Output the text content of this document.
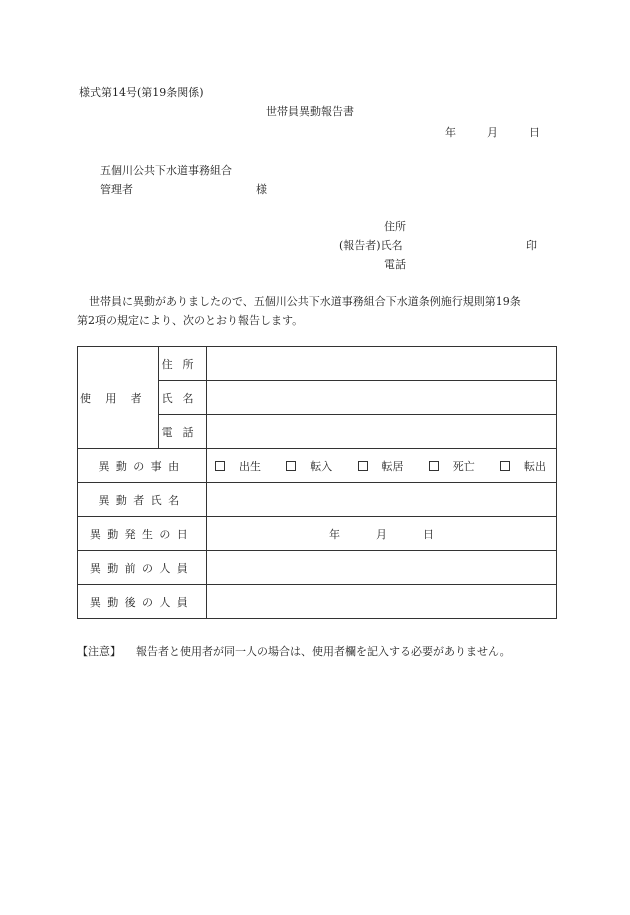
様式第14号(第19条関係)
世帯員異動報告書
年	月	日
五個川公共下水道事務組合
管理者	様
住所
(報告者)氏名	印
電話
世帯員に異動がありましたので、五個川公共下水道事務組合下水道条例施行規則第19条
第2項の規定により、次のとおり報告します。
使用者	住所	
	氏名	
	電話	
異動の事由		出生 転入 転居 死亡 転出

異動者氏名		
異動発生の日		年 月 日
異動前の人員		
異動後の人員		
【注意】 報告者と使用者が同一人の場合は、使用者欄を記入する必要がありません。
